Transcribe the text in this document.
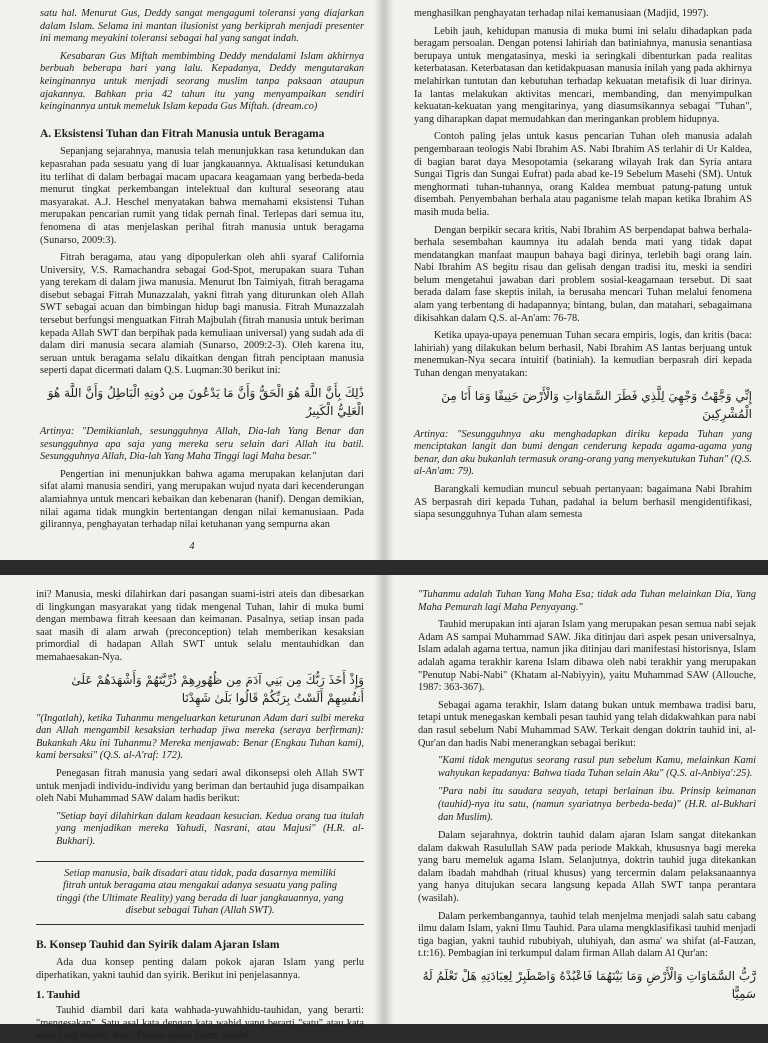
satu hal. Menurut Gus, Deddy sangat mengagumi toleransi yang diajarkan dalam Islam. Selama ini mantan ilusionist yang berkiprah menjadi presenter ini memang meyakini toleransi sebagai hal yang sangat indah.

Kesabaran Gus Miftah membimbing Deddy mendalami Islam akhirnya berbuah beberapa hari yang lalu. Kepadanya, Deddy mengutarakan keinginannya untuk menjadi seorang muslim tanpa paksaan ataupun ajakannya. Bahkan pria 42 tahun itu yang menyampaikan sendiri keinginannya untuk memeluk Islam kepada Gus Miftah. (dream.co)

A. Eksistensi Tuhan dan Fitrah Manusia untuk Beragama

Sepanjang sejarahnya, manusia telah menunjukkan rasa ketundukan dan kepasrahan pada sesuatu yang di luar jangkauannya. Aktualisasi ketundukan itu terlihat di dalam berbagai macam upacara keagamaan yang berbeda-beda menurut tingkat perkembangan intelektual dan kultural seseorang atau masyarakat. A.J. Heschel menyatakan bahwa memahami eksistensi Tuhan merupakan pencarian rumit yang tidak pernah final. Terlepas dari semua itu, fenomena di atas menjelaskan perihal fitrah manusia untuk beragama (Sunarso, 2009:3).

Fitrah beragama, atau yang dipopulerkan oleh ahli syaraf California University, V.S. Ramachandra sebagai God-Spot, merupakan suara Tuhan yang terekam di dalam jiwa manusia. Menurut Ibn Taimiyah, fitrah beragama disebut sebagai Fitrah Munazzalah, yakni fitrah yang diturunkan oleh Allah SWT sebagai acuan dan bimbingan hidup bagi manusia. Fitrah Munazzalah tersebut berfungsi menguatkan Fitrah Majbulah (fitrah manusia untuk beriman kepada Allah SWT dan berpihak pada kemuliaan universal) yang sudah ada di dalam diri manusia secara alamiah (Sunarso, 2009:2-3). Oleh karena itu, seruan untuk beragama selalu dikaitkan dengan fitrah penciptaan manusia seperti dapat dicermati dalam Q.S. Luqman:30 berikut ini:

ذَٰلِكَ بِأَنَّ اللَّهَ هُوَ الْحَقُّ وَأَنَّ مَا يَدْعُونَ مِن دُونِهِ الْبَاطِلُ وَأَنَّ اللَّهَ هُوَ الْعَلِيُّ الْكَبِيرُ

Artinya: "Demikianlah, sesungguhnya Allah, Dia-lah Yang Benar dan sesungguhnya apa saja yang mereka seru selain dari Allah itu batil. Sesungguhnya Allah, Dia-lah Yang Maha Tinggi lagi Maha besar."

Pengertian ini menunjukkan bahwa agama merupakan kelanjutan dari sifat alami manusia sendiri, yang merupakan wujud nyata dari kecenderungan alamiahnya untuk mencari kebaikan dan kebenaran (hanif). Dengan demikian, nilai agama tidak mungkin bertentangan dengan nilai kemanusiaan. Pada gilirannya, penghayatan terhadap nilai ketuhanan yang sempurna akan

4

menghasilkan penghayatan terhadap nilai kemanusiaan (Madjid, 1997).

Lebih jauh, kehidupan manusia di muka bumi ini selalu dihadapkan pada beragam persoalan. Dengan potensi lahiriah dan batiniahnya, manusia senantiasa berupaya untuk mengatasinya, meski ia seringkali dibenturkan pada realitas keterbatasan. Keterbatasan dan ketidakpuasan manusia inilah yang pada akhirnya melahirkan tuntutan dan kebutuhan terhadap kekuatan metafisik di luar dirinya. Ia lantas melakukan aktivitas mencari, membanding, dan menyimpulkan kekuatan-kekuatan yang mengitarinya, yang diasumsikannya sebagai "Tuhan", yang diharapkan dapat memudahkan dan meringankan problem hidupnya.

Contoh paling jelas untuk kasus pencarian Tuhan oleh manusia adalah pengembaraan teologis Nabi Ibrahim AS. Nabi Ibrahim AS terlahir di Ur Kaldea, di bagian barat daya Mesopotamia (sekarang wilayah Irak dan Syria antara Sungai Tigris dan Sungai Eufrat) pada abad ke-19 Sebelum Masehi (SM). Untuk menghormati tuhan-tuhannya, orang Kaldea membuat patung-patung untuk disembah. Penyembahan berhala atau paganisme telah mapan ketika Ibrahim AS masih muda belia.

Dengan berpikir secara kritis, Nabi Ibrahim AS berpendapat bahwa berhala-berhala sesembahan kaumnya itu adalah benda mati yang tidak dapat mendatangkan manfaat maupun bahaya bagi dirinya, terlebih bagi orang lain. Nabi Ibrahim AS begitu risau dan gelisah dengan tradisi itu, meski ia sendiri belum mengetahui jawaban dari problem sosial-keagamaan tersebut. Di saat berada dalam fase skeptis inilah, ia berusaha mencari Tuhan melalui fenomena alam yang terbentang di hadapannya; bintang, bulan, dan matahari, sebagaimana dikisahkan dalam Q.S. al-An'am: 76-78.

Ketika upaya-upaya penemuan Tuhan secara empiris, logis, dan kritis (baca: lahiriah) yang dilakukan belum berhasil, Nabi Ibrahim AS lantas berjuang untuk menemukan-Nya secara intuitif (batiniah). Ia kemudian berpasrah diri kepada Tuhan dengan menyatakan:

إِنِّي وَجَّهْتُ وَجْهِيَ لِلَّذِي فَطَرَ السَّمَاوَاتِ وَالْأَرْضَ حَنِيفًا وَمَا أَنَا مِنَ الْمُشْرِكِينَ

Artinya: "Sesungguhnya aku menghadapkan diriku kepada Tuhan yang menciptakan langit dan bumi dengan cenderung kepada agama-agama yang benar, dan aku bukanlah termasuk orang-orang yang menyekutukan Tuhan" (Q.S. al-An'am: 79).

Barangkali kemudian muncul sebuah pertanyaan: bagaimana Nabi Ibrahim AS berpasrah diri kepada Tuhan, padahal ia belum berhasil mengidentifikasi, siapa sesungguhnya Tuhan alam semesta

ini? Manusia, meski dilahirkan dari pasangan suami-istri ateis dan dibesarkan di lingkungan masyarakat yang tidak mengenal Tuhan, lahir di muka bumi dengan membawa fitrah keesaan dan keimanan. Pasalnya, setiap insan pada saat masih di alam arwah (preconception) telah memberikan kesaksian primordial di hadapan Allah SWT untuk selalu mentauhidkan dan memahaesakan-Nya.

وَإِذْ أَخَذَ رَبُّكَ مِن بَنِي آدَمَ مِن ظُهُورِهِمْ ذُرِّيَّتَهُمْ وَأَشْهَدَهُمْ عَلَىٰ أَنفُسِهِمْ أَلَسْتُ بِرَبِّكُمْ قَالُوا بَلَىٰ شَهِدْنَا

"(Ingatlah), ketika Tuhanmu mengeluarkan keturunan Adam dari sulbi mereka dan Allah mengambil kesaksian terhadap jiwa mereka (seraya berfirman): Bukankah Aku ini Tuhanmu? Mereka menjawab: Benar (Engkau Tuhan kami), kami bersaksi" (Q.S. al-A'raf: 172).

Penegasan fitrah manusia yang sedari awal dikonsepsi oleh Allah SWT untuk menjadi individu-individu yang beriman dan bertauhid juga disampaikan oleh Nabi Muhammad SAW dalam hadis berikut:

"Setiap bayi dilahirkan dalam keadaan kesucian. Kedua orang tua itulah yang menjadikan mereka Yahudi, Nasrani, atau Majusi" (H.R. al-Bukhari).

Setiap manusia, baik disadari atau tidak, pada dasarnya memiliki fitrah untuk beragama atau mengakui adanya sesuatu yang paling tinggi (the Ultimate Reality) yang berada di luar jangkauannya, yang disebut sebagai Tuhan (Allah SWT).
B. Konsep Tauhid dan Syirik dalam Ajaran Islam

Ada dua konsep penting dalam pokok ajaran Islam yang perlu diperhatikan, yakni tauhid dan syirik. Berikut ini penjelasannya.

1. Tauhid

Tauhid diambil dari kata wahhada-yuwahhidu-tauhidan, yang berarti: "mengesakan". Satu asal kata dengan kata wahid yang berarti "satu" atau kata ahad yang berarti "esa". Dalam ajaran Islam, tauhid

"Tuhanmu adalah Tuhan Yang Maha Esa; tidak ada Tuhan melainkan Dia, Yang Maha Pemurah lagi Maha Penyayang."

Tauhid merupakan inti ajaran Islam yang merupakan pesan semua nabi sejak Adam AS sampai Muhammad SAW. Jika ditinjau dari aspek pesan universalnya, Islam adalah agama tertua, namun jika ditinjau dari manifestasi historisnya, Islam adalah agama terakhir karena Islam dibawa oleh nabi terakhir yang merupakan "Penutup Nabi-Nabi" (Khatam al-Nabiyyin), yaitu Muhammad SAW (Allouche, 1987: 363-367).

Sebagai agama terakhir, Islam datang bukan untuk membawa tradisi baru, tetapi untuk menegaskan kembali pesan tauhid yang telah didakwahkan para nabi dan rasul sebelum Nabi Muhammad SAW. Terkait dengan doktrin tauhid ini, al-Qur'an dan hadis Nabi menerangkan sebagai berikut:

"Kami tidak mengutus seorang rasul pun sebelum Kamu, melainkan Kami wahyukan kepadanya: Bahwa tiada Tuhan selain Aku" (Q.S. al-Anbiya':25).

"Para nabi itu saudara seayah, tetapi berlainan ibu. Prinsip keimanan (tauhid)-nya itu satu, (namun syariatnya berbeda-beda)" (H.R. al-Bukhari dan Muslim).

Dalam sejarahnya, doktrin tauhid dalam ajaran Islam sangat ditekankan dalam dakwah Rasulullah SAW pada periode Makkah, khususnya bagi mereka yang baru memeluk agama Islam. Selanjutnya, doktrin tauhid juga ditekankan dalam ibadah mahdhah (ritual khusus) yang tercermin dalam pelaksanaannya yang hanya ditujukan secara langsung kepada Allah SWT tanpa perantara (wasilah).

Dalam perkembangannya, tauhid telah menjelma menjadi salah satu cabang ilmu dalam Islam, yakni Ilmu Tauhid. Para ulama mengklasifikasi tauhid menjadi tiga bagian, yakni tauhid rububiyah, uluhiyah, dan asma' wa shifat (al-Fauzan, t.t:16). Pembagian ini terkumpul dalam firman Allah dalam Al Qur'an:

رَّبُّ السَّمَاوَاتِ وَالْأَرْضِ وَمَا بَيْنَهُمَا فَاعْبُدْهُ وَاصْطَبِرْ لِعِبَادَتِهِ هَلْ تَعْلَمُ لَهُ سَمِيًّا
